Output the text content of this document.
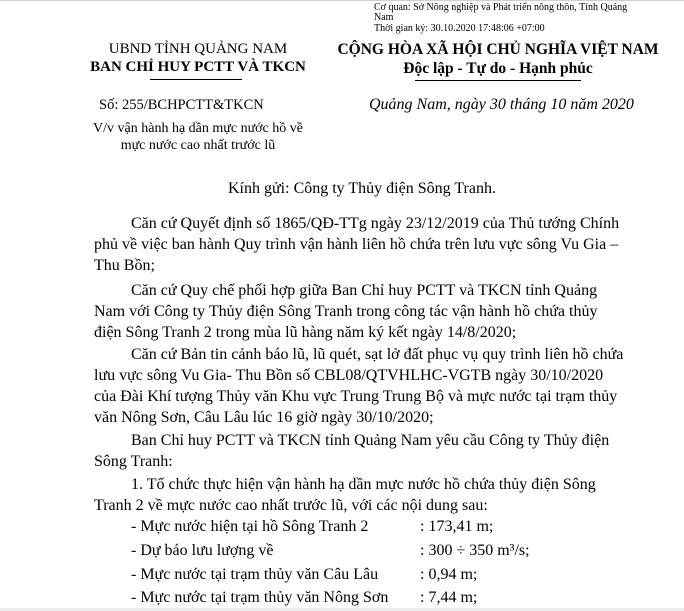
Cơ quan: Sở Nông nghiệp và Phát triển nông thôn, Tỉnh Quảng
Nam
Thời gian ký: 30.10.2020 17:48:06 +07:00
UBND TỈNH QUẢNG NAM
BAN CHỈ HUY PCTT VÀ TKCN
Số: 255/BCHPCTT&TKCN
V/v vận hành hạ dần mực nước hồ về
mực nước cao nhất trước lũ
CỘNG HÒA XÃ HỘI CHỦ NGHĨA VIỆT NAM
Độc lập - Tự do - Hạnh phúc
Quảng Nam, ngày 30 tháng 10 năm 2020
Kính gửi: Công ty Thủy điện Sông Tranh.
Căn cứ Quyết định số 1865/QĐ-TTg ngày 23/12/2019 của Thủ tướng Chính
phủ về việc ban hành Quy trình vận hành liên hồ chứa trên lưu vực sông Vu Gia –
Thu Bồn;
Căn cứ Quy chế phối hợp giữa Ban Chỉ huy PCTT và TKCN tỉnh Quảng
Nam với Công ty Thủy điện Sông Tranh trong công tác vận hành hồ chứa thủy
điện Sông Tranh 2 trong mùa lũ hàng năm ký kết ngày 14/8/2020;
Căn cứ Bản tin cảnh báo lũ, lũ quét, sạt lở đất phục vụ quy trình liên hồ chứa
lưu vực sông Vu Gia- Thu Bồn số CBL08/QTVHLHC-VGTB ngày 30/10/2020
của Đài Khí tượng Thủy văn Khu vực Trung Trung Bộ và mực nước tại trạm thủy
văn Nông Sơn, Câu Lâu lúc 16 giờ ngày 30/10/2020;
Ban Chỉ huy PCTT và TKCN tỉnh Quảng Nam yêu cầu Công ty Thủy điện
Sông Tranh:
1. Tổ chức thực hiện vận hành hạ dần mực nước hồ chứa thủy điện Sông
Tranh 2 về mực nước cao nhất trước lũ, với các nội dung sau:
- Mực nước hiện tại hồ Sông Tranh 2	: 173,41 m;
- Dự báo lưu lượng về	: 300 ÷ 350 m³/s;
- Mực nước tại trạm thủy văn Câu Lâu	: 0,94 m;
- Mực nước tại trạm thủy văn Nông Sơn : 7,44 m;
